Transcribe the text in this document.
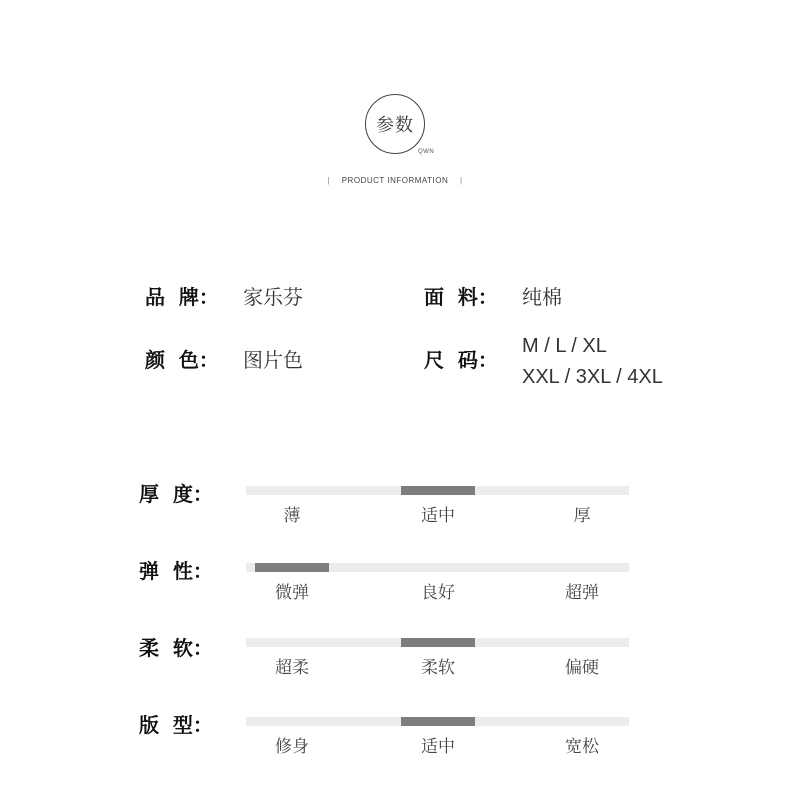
参数
QWN
| PRODUCT INFORMATION |
品  牌：	家乐芬	面  料：	纯棉
颜  色：	图片色	尺  码：
M / L / XL
XXL / 3XL / 4XL
厚  度：
薄	适中	厚
弹  性：
微弹	良好	超弹
柔  软：
超柔	柔软	偏硬
版  型：
修身	适中	宽松
